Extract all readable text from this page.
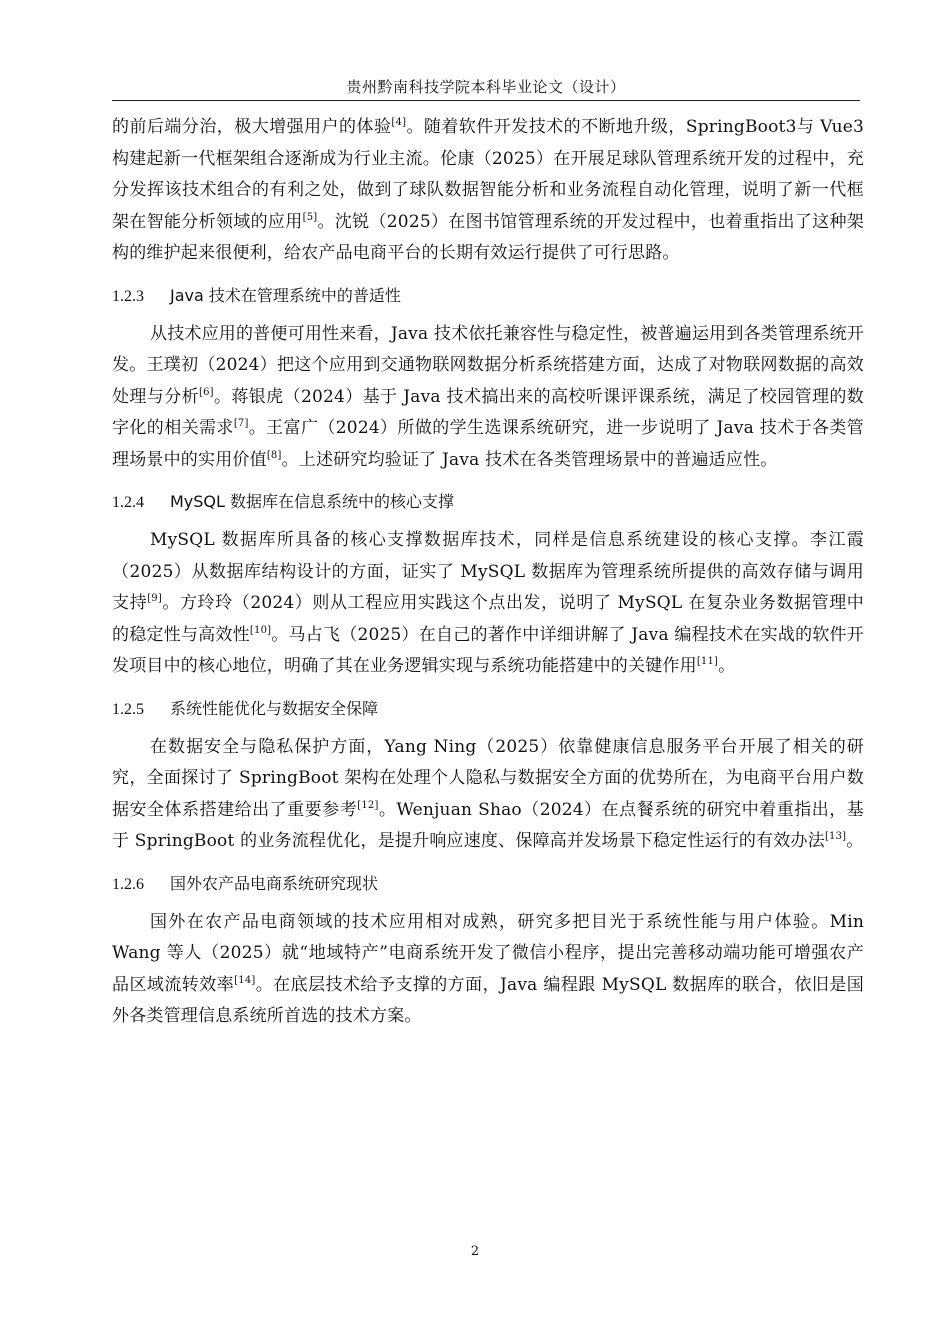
贵州黔南科技学院本科毕业论文（设计）

的前后端分治，极大增强用户的体验[4]。随着软件开发技术的不断地升级，SpringBoot3与 Vue3 构建起新一代框架组合逐渐成为行业主流。伦康（2025）在开展足球队管理系统开发的过程中，充分发挥该技术组合的有利之处，做到了球队数据智能分析和业务流程自动化管理，说明了新一代框架在智能分析领域的应用[5]。沈锐（2025）在图书馆管理系统的开发过程中，也着重指出了这种架构的维护起来很便利，给农产品电商平台的长期有效运行提供了可行思路。

1.2.3 Java 技术在管理系统中的普适性

从技术应用的普便可用性来看，Java 技术依托兼容性与稳定性，被普遍运用到各类管理系统开发。王璞初（2024）把这个应用到交通物联网数据分析系统搭建方面，达成了对物联网数据的高效处理与分析[6]。蒋银虎（2024）基于 Java 技术搞出来的高校听课评课系统，满足了校园管理的数字化的相关需求[7]。王富广（2024）所做的学生选课系统研究，进一步说明了 Java 技术于各类管理场景中的实用价值[8]。上述研究均验证了 Java 技术在各类管理场景中的普遍适应性。

1.2.4 MySQL 数据库在信息系统中的核心支撑

MySQL 数据库所具备的核心支撑数据库技术，同样是信息系统建设的核心支撑。李江霞（2025）从数据库结构设计的方面，证实了 MySQL 数据库为管理系统所提供的高效存储与调用支持[9]。方玲玲（2024）则从工程应用实践这个点出发，说明了 MySQL 在复杂业务数据管理中的稳定性与高效性[10]。马占飞（2025）在自己的著作中详细讲解了 Java 编程技术在实战的软件开发项目中的核心地位，明确了其在业务逻辑实现与系统功能搭建中的关键作用[11]。

1.2.5 系统性能优化与数据安全保障

在数据安全与隐私保护方面，Yang Ning（2025）依靠健康信息服务平台开展了相关的研究，全面探讨了 SpringBoot 架构在处理个人隐私与数据安全方面的优势所在，为电商平台用户数据安全体系搭建给出了重要参考[12]。Wenjuan Shao（2024）在点餐系统的研究中着重指出，基于 SpringBoot 的业务流程优化，是提升响应速度、保障高并发场景下稳定性运行的有效办法[13]。

1.2.6 国外农产品电商系统研究现状

国外在农产品电商领域的技术应用相对成熟，研究多把目光于系统性能与用户体验。Min Wang 等人（2025）就“地域特产”电商系统开发了微信小程序，提出完善移动端功能可增强农产品区域流转效率[14]。在底层技术给予支撑的方面，Java 编程跟 MySQL 数据库的联合，依旧是国外各类管理信息系统所首选的技术方案。

2
